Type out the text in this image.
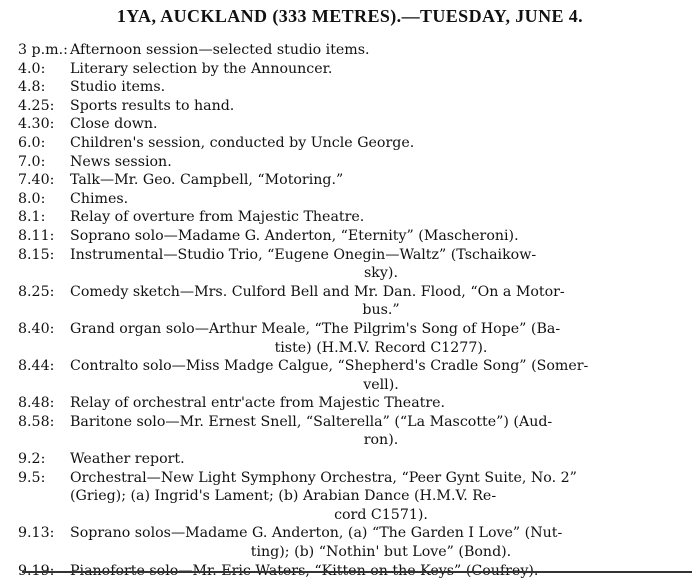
1YA, AUCKLAND (333 METRES).—TUESDAY, JUNE 4.
3 p.m.: Afternoon session—selected studio items.
4.0:	Literary selection by the Announcer.
4.8:	Studio items.
4.25:	Sports results to hand.
4.30:	Close down.
6.0:	Children's session, conducted by Uncle George.
7.0:	News session.
7.40:	Talk—Mr. Geo. Campbell, “Motoring.”
8.0:	Chimes.
8.1:	Relay of overture from Majestic Theatre.
8.11:	Soprano solo—Madame G. Anderton, “Eternity” (Mascheroni).
8.15:	Instrumental—Studio Trio, “Eugene Onegin—Waltz” (Tschaikow-
sky).
8.25:	Comedy sketch—Mrs. Culford Bell and Mr. Dan. Flood, “On a Motor-
bus.”
8.40:	Grand organ solo—Arthur Meale, “The Pilgrim's Song of Hope” (Ba-
tiste) (H.M.V. Record C1277).
8.44:	Contralto solo—Miss Madge Calgue, “Shepherd's Cradle Song” (Somer-
vell).
8.48:	Relay of orchestral entr'acte from Majestic Theatre.
8.58:	Baritone solo—Mr. Ernest Snell, “Salterella” (“La Mascotte”) (Aud-
ron).
9.2:	Weather report.
9.5:	Orchestral—New Light Symphony Orchestra, “Peer Gynt Suite, No. 2”
(Grieg); (a) Ingrid's Lament; (b) Arabian Dance (H.M.V. Re-
cord C1571).
9.13:	Soprano solos—Madame G. Anderton, (a) “The Garden I Love” (Nut-
ting); (b) “Nothin' but Love” (Bond).
9.19:	Pianoforte solo—Mr. Eric Waters, “Kitten on the Keys” (Coufrey).
